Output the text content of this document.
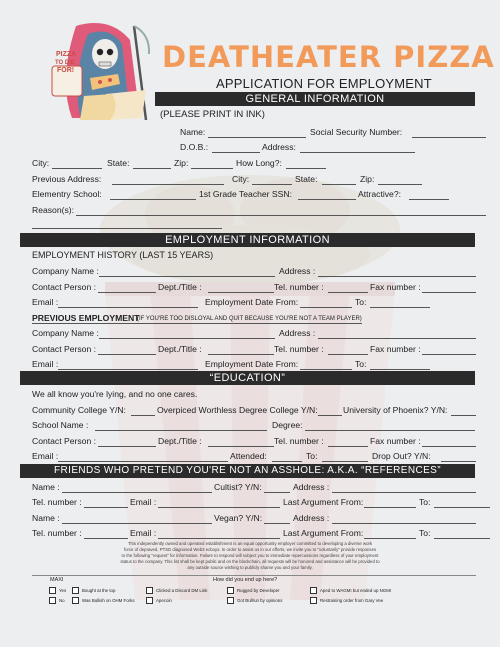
PIZZA
TO DIE
FOR!	DEATHEATER PIZZA
APPLICATION FOR EMPLOYMENT
GENERAL INFORMATION
(PLEASE PRINT IN INK)
Name:	Social Security Number:
D.O.B.:	Address:
City:	State:	Zip:	How Long?:
Previous Address:	City:	State:	Zip:
Elementry School:	1st Grade Teacher SSN:	Attractive?:
Reason(s):
EMPLOYMENT INFORMATION
EMPLOYMENT HISTORY (LAST 15 YEARS)
Company Name :	Address :
Contact Person :	Dept./Title :	Tel. number :	Fax number :
Email :	Employment Date From:	To:
PREVIOUS EMPLOYMENT
(IF YOU'RE TOO DISLOYAL AND QUIT BECAUSE YOU'RE NOT A TEAM PLAYER)
Company Name :	Address :
Contact Person :	Dept./Title :	Tel. number :	Fax number :
Email :	Employment Date From:	To:
“EDUCATION”
We all know you're lying, and no one cares.
Community College Y/N:	Overpiced Worthless Degree College Y/N:	University of Phoenix? Y/N:
School Name :	Degree:
Contact Person :	Dept./Title :	Tel. number :	Fax number :
Email :	Attended:	To:	Drop Out? Y/N:
FRIENDS WHO PRETEND YOU'RE NOT AN ASSHOLE: A.K.A. “REFERENCES”
Name :	Cultist? Y/N:	Address :
Tel. number :	Email :	Last Argument From:	To:
Name :	Vegan? Y/N:	Address :
Tel. number :	Email :	Last Argument From:	To:
This independently owned and operated establishment is an equal opportunity employer committed to developing a diverse work
force of depraved, PTSD diagnosed Web3 ecboys. In order to assist us in our efforts, we invite you to "voluntarily" provide responses
to the following "request" for information. Failure to respond will subject you to immediate repercussions regardless of your employment
status to the company. This list shall be kept public and on the blockchain, all requests will be honored and assistance will be provided to
any outside source wishing to publicly shame you and your family.
MAXI	How did you end up here?
Yes
No
Bought at the top
Was Bullish on OHM Forks
Clicked a Discord DM Link
Apecoin
Rugged by Developer
Got Bullrun by opinions
Aped to WAGMI but ended up NGMI
Restraining order from Gary Vee
